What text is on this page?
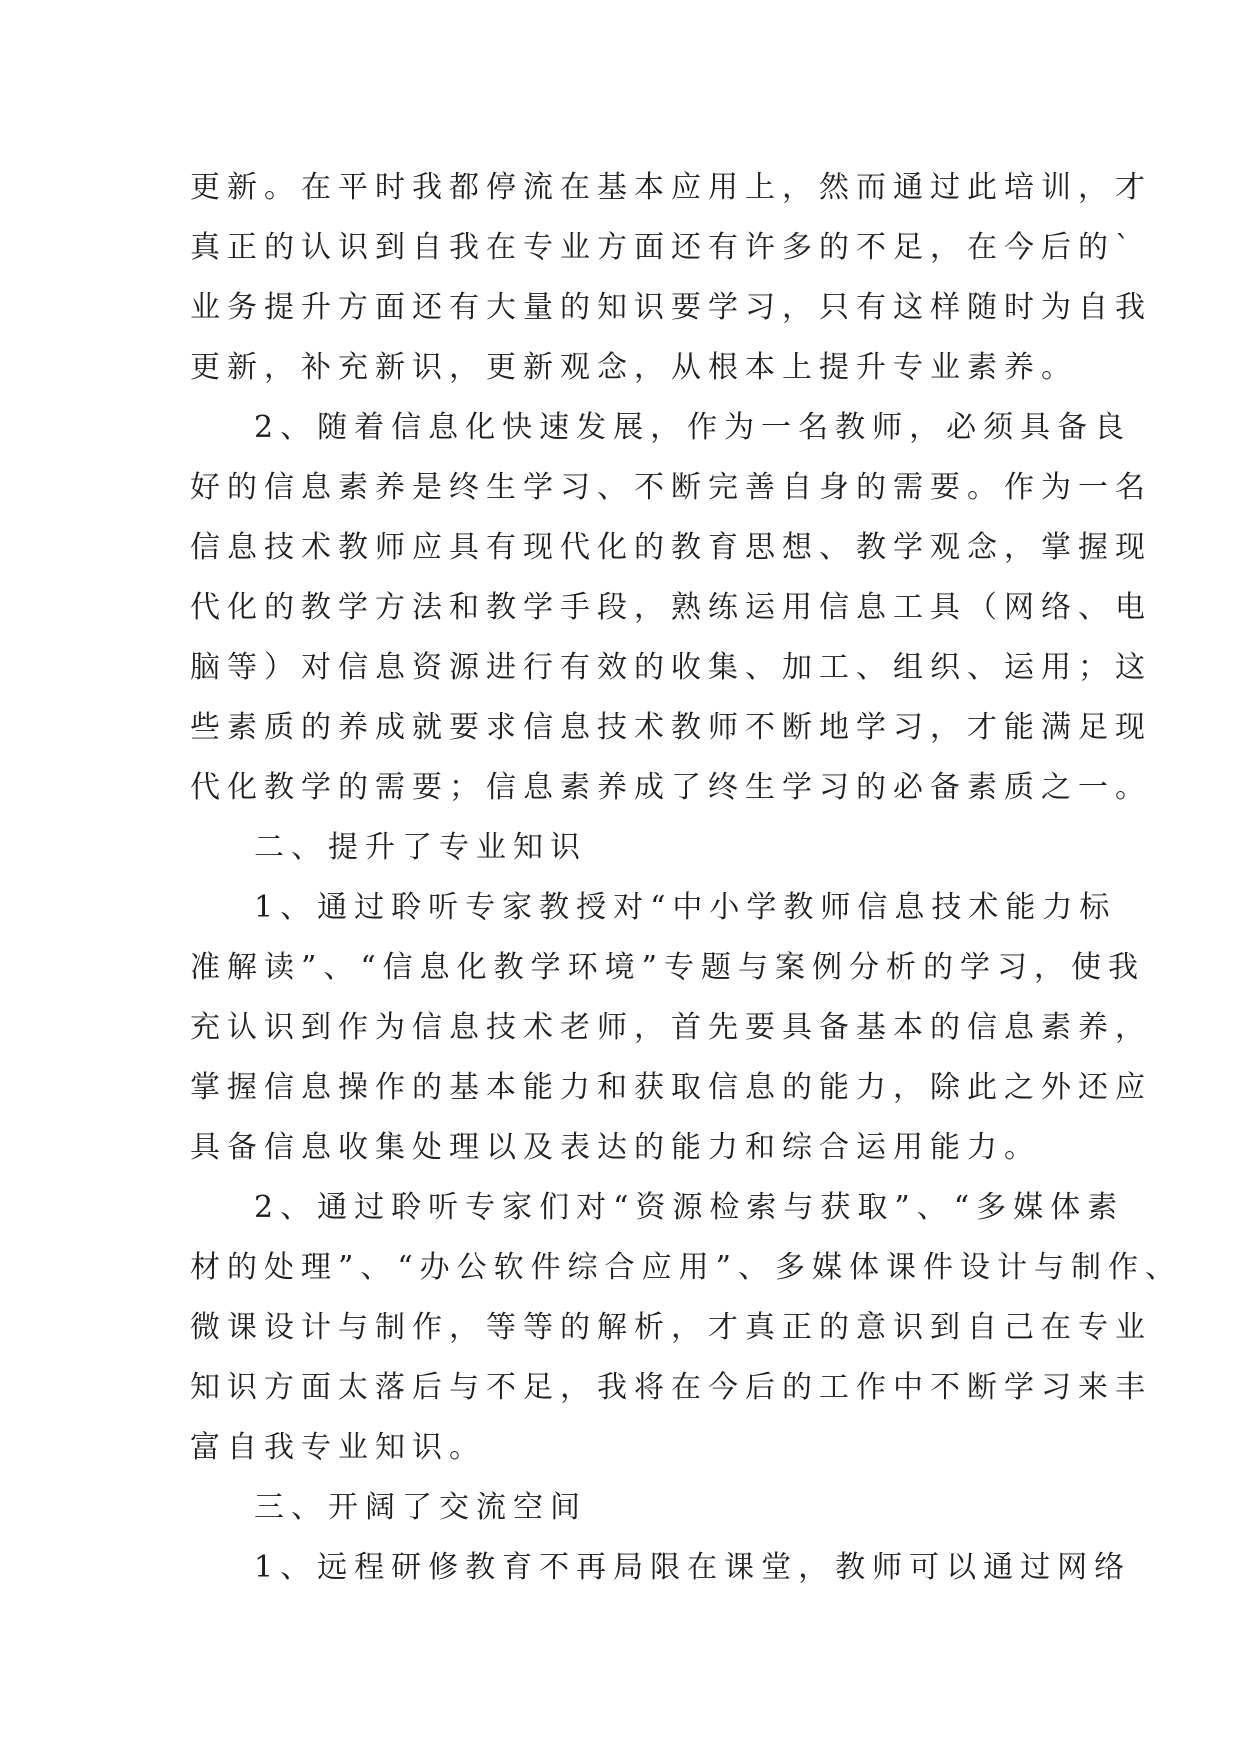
更新。在平时我都停流在基本应用上，然而通过此培训，才
真正的认识到自我在专业方面还有许多的不足，在今后的`
业务提升方面还有大量的知识要学习，只有这样随时为自我
更新，补充新识，更新观念，从根本上提升专业素养。
2、随着信息化快速发展，作为一名教师，必须具备良
好的信息素养是终生学习、不断完善自身的需要。作为一名
信息技术教师应具有现代化的教育思想、教学观念，掌握现
代化的教学方法和教学手段，熟练运用信息工具（网络、电
脑等）对信息资源进行有效的收集、加工、组织、运用；这
些素质的养成就要求信息技术教师不断地学习，才能满足现
代化教学的需要；信息素养成了终生学习的必备素质之一。
二、提升了专业知识
1、通过聆听专家教授对“中小学教师信息技术能力标
准解读”、“信息化教学环境”专题与案例分析的学习，使我
充认识到作为信息技术老师，首先要具备基本的信息素养，
掌握信息操作的基本能力和获取信息的能力，除此之外还应
具备信息收集处理以及表达的能力和综合运用能力。
2、通过聆听专家们对“资源检索与获取”、“多媒体素
材的处理”、“办公软件综合应用”、多媒体课件设计与制作、
微课设计与制作，等等的解析，才真正的意识到自己在专业
知识方面太落后与不足，我将在今后的工作中不断学习来丰
富自我专业知识。
三、开阔了交流空间
1、远程研修教育不再局限在课堂，教师可以通过网络
